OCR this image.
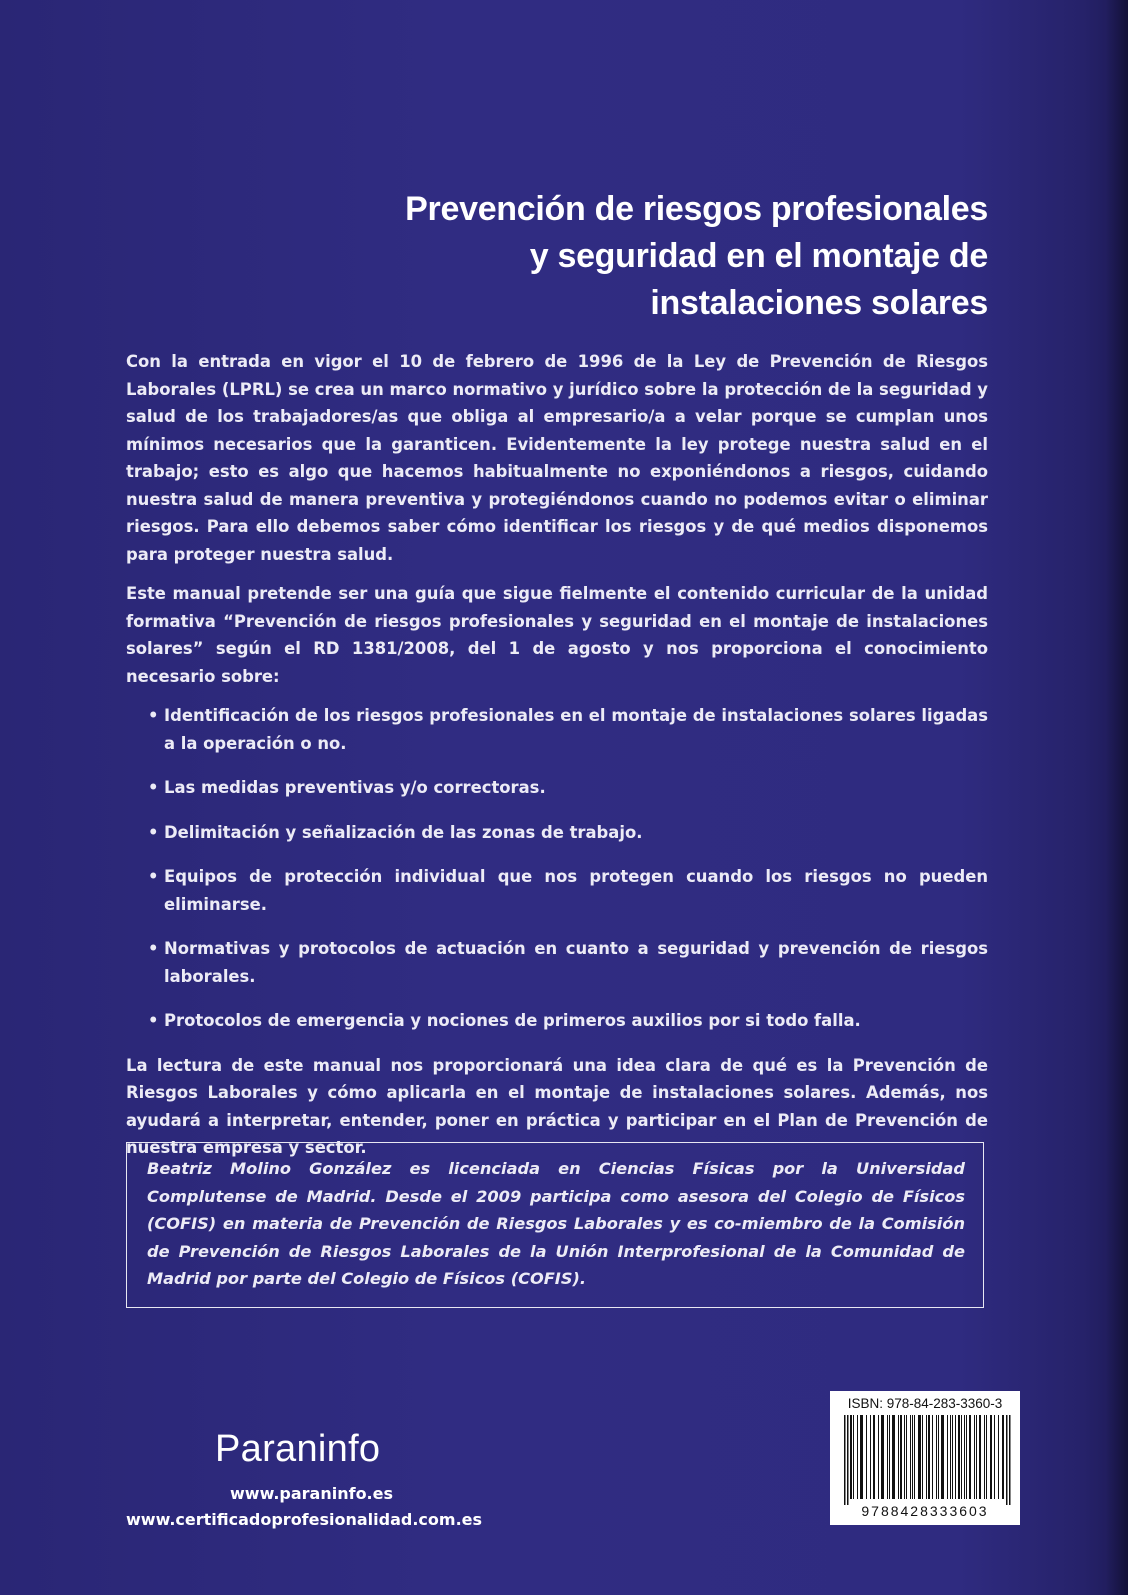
Prevención de riesgos profesionales
y seguridad en el montaje de
instalaciones solares

Con la entrada en vigor el 10 de febrero de 1996 de la Ley de Prevención de Riesgos Laborales (LPRL) se crea un marco normativo y jurídico sobre la protección de la seguridad y salud de los trabajadores/as que obliga al empresario/a a velar porque se cumplan unos mínimos necesarios que la garanticen. Evidentemente la ley protege nuestra salud en el trabajo; esto es algo que hacemos habitualmente no exponiéndonos a riesgos, cuidando nuestra salud de manera preventiva y protegiéndonos cuando no podemos evitar o eliminar riesgos. Para ello debemos saber cómo identificar los riesgos y de qué medios disponemos para proteger nuestra salud.

Este manual pretende ser una guía que sigue fielmente el contenido curricular de la unidad formativa “Prevención de riesgos profesionales y seguridad en el montaje de instalaciones solares” según el RD 1381/2008, del 1 de agosto y nos proporciona el conocimiento necesario sobre:

• Identificación de los riesgos profesionales en el montaje de instalaciones solares ligadas a la operación o no.
• Las medidas preventivas y/o correctoras.
• Delimitación y señalización de las zonas de trabajo.
• Equipos de protección individual que nos protegen cuando los riesgos no pueden eliminarse.
• Normativas y protocolos de actuación en cuanto a seguridad y prevención de riesgos laborales.
• Protocolos de emergencia y nociones de primeros auxilios por si todo falla.

La lectura de este manual nos proporcionará una idea clara de qué es la Prevención de Riesgos Laborales y cómo aplicarla en el montaje de instalaciones solares. Además, nos ayudará a interpretar, entender, poner en práctica y participar en el Plan de Prevención de nuestra empresa y sector.

Beatriz Molino González es licenciada en Ciencias Físicas por la Universidad Complutense de Madrid. Desde el 2009 participa como asesora del Colegio de Físicos (COFIS) en materia de Prevención de Riesgos Laborales y es co-miembro de la Comisión de Prevención de Riesgos Laborales de la Unión Interprofesional de la Comunidad de Madrid por parte del Colegio de Físicos (COFIS).

Paraninfo
www.paraninfo.es
www.certificadoprofesionalidad.com.es
ISBN: 978-84-283-3360-3
9788428333603
